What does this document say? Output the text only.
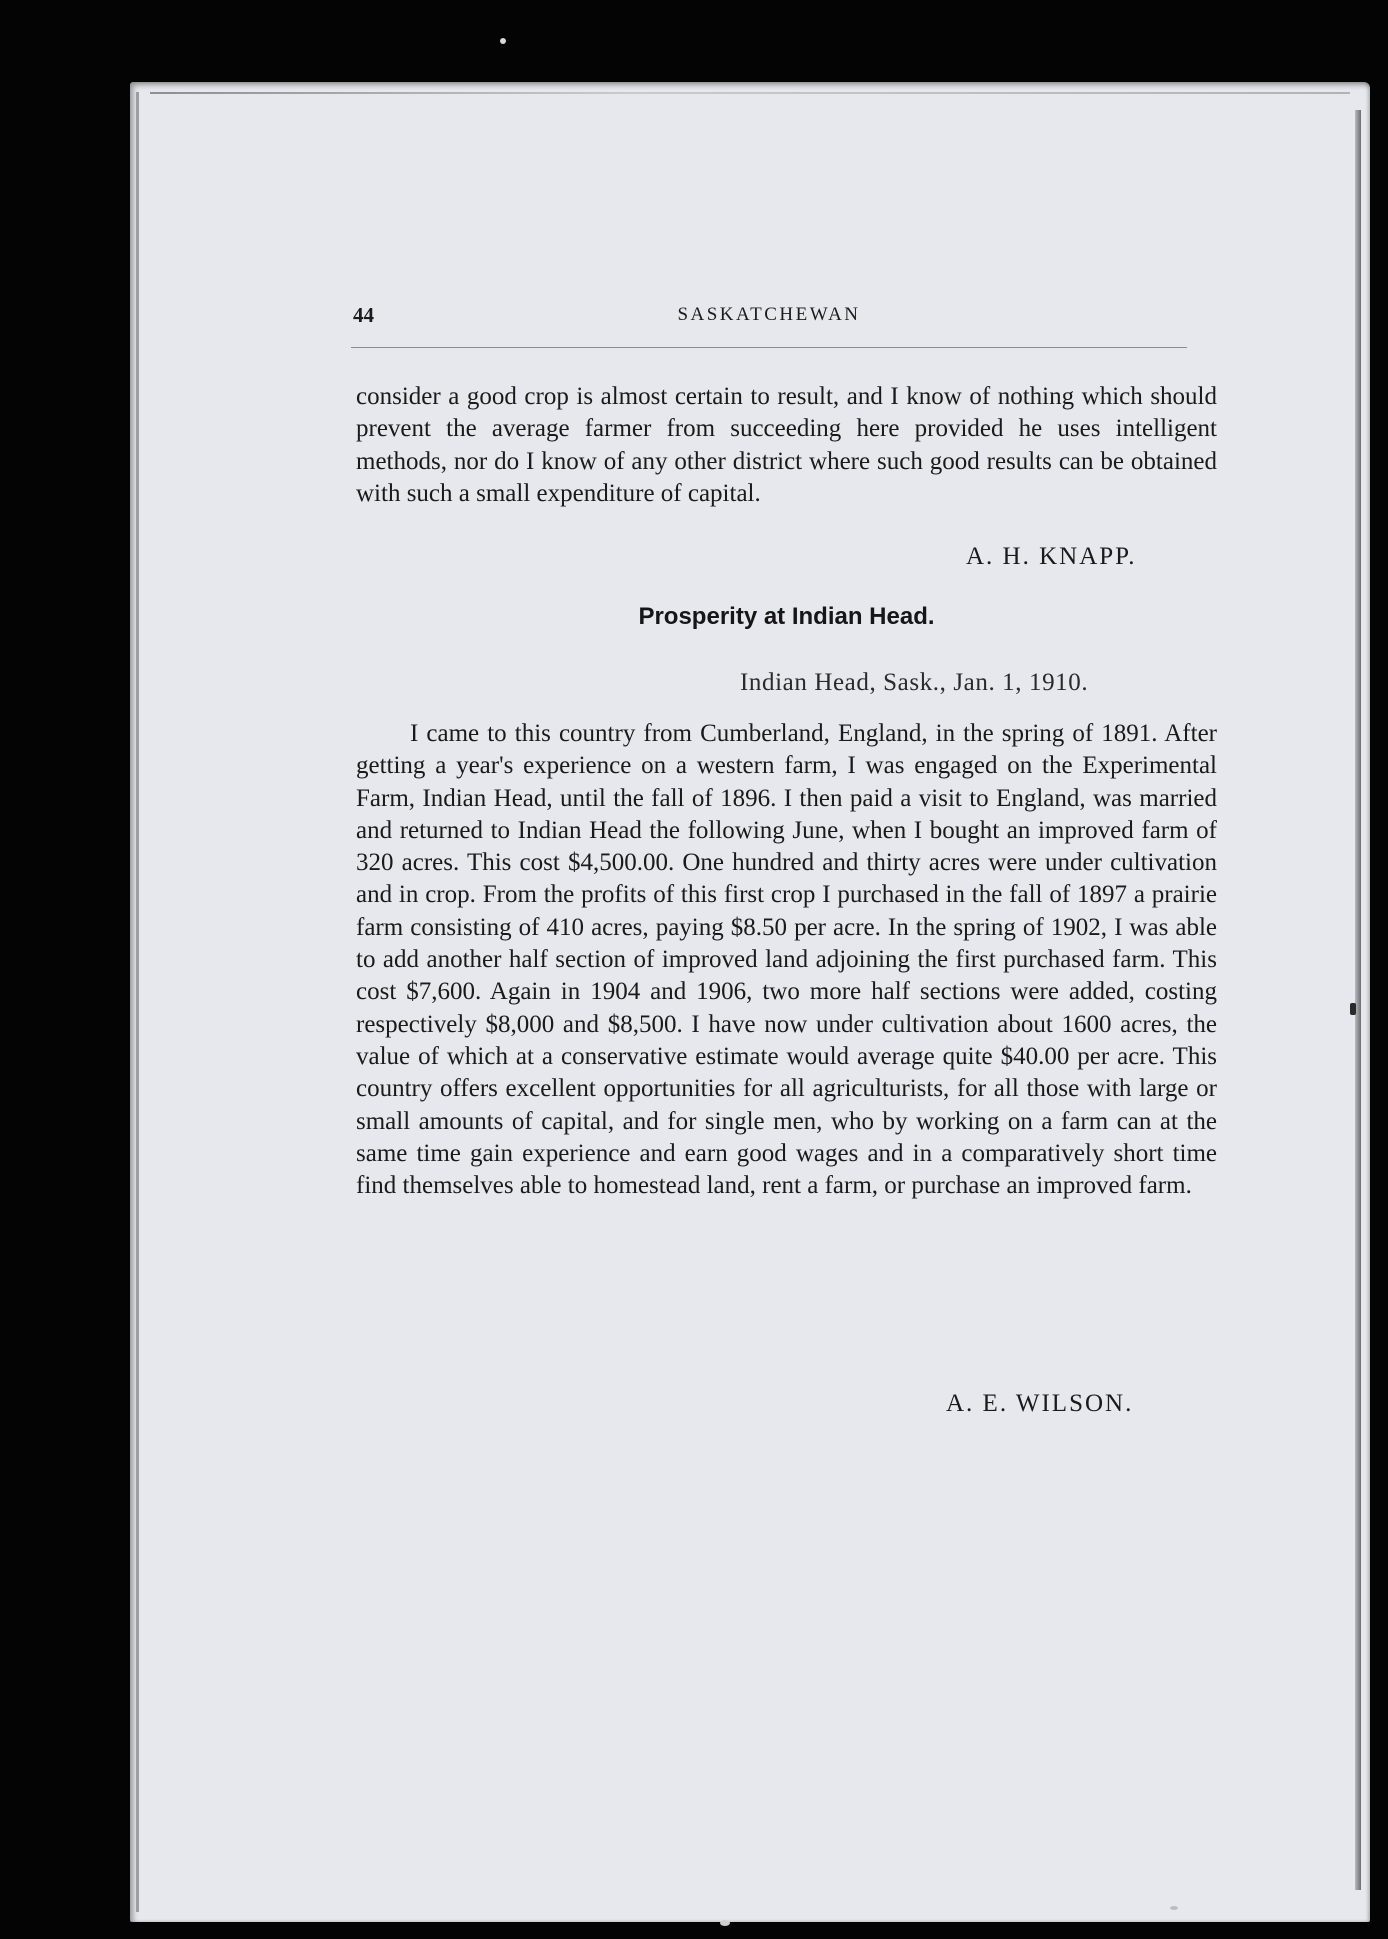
44	SASKATCHEWAN

consider a good crop is almost certain to result, and I know of nothing which should prevent the average farmer from succeeding here provided he uses intelligent methods, nor do I know of any other district where such good results can be obtained with such a small expenditure of capital.

A. H. KNAPP.
Prosperity at Indian Head.
Indian Head, Sask., Jan. 1, 1910.

I came to this country from Cumberland, England, in the spring of 1891. After getting a year's experience on a western farm, I was engaged on the Experimental Farm, Indian Head, until the fall of 1896. I then paid a visit to England, was married and returned to Indian Head the following June, when I bought an improved farm of 320 acres. This cost $4,500.00. One hundred and thirty acres were under cultivation and in crop. From the profits of this first crop I purchased in the fall of 1897 a prairie farm consisting of 410 acres, paying $8.50 per acre. In the spring of 1902, I was able to add another half section of improved land adjoining the first purchased farm. This cost $7,600. Again in 1904 and 1906, two more half sections were added, costing respectively $8,000 and $8,500. I have now under cultivation about 1600 acres, the value of which at a conservative estimate would average quite $40.00 per acre. This country offers excellent opportunities for all agriculturists, for all those with large or small amounts of capital, and for single men, who by working on a farm can at the same time gain experience and earn good wages and in a comparatively short time find themselves able to homestead land, rent a farm, or purchase an improved farm.

A. E. WILSON.
